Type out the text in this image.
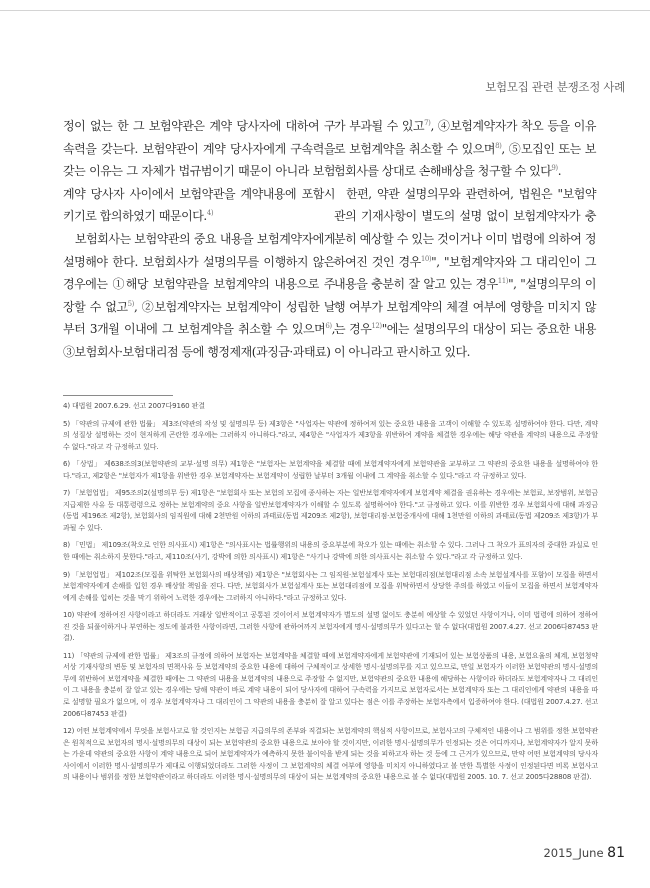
보험모집 관련 분쟁조정 사례

정이 없는 한 그 보험약관은 계약 당사자에 대하여 구속력을 갖는다. 보험약관이 계약 당사자에게 구속력을 갖는 이유는 그 자체가 법규범이기 때문이 아니라 보험계약 당사자 사이에서 보험약관을 계약내용에 포함시키기로 합의하였기 때문이다.$^{4)}$

보험회사는 보험약관의 중요 내용을 보험계약자에게 설명해야 한다. 보험회사가 설명의무를 이행하지 않은 경우에는 ①해당 보험약관을 보험계약의 내용으로 주장할 수 없고$^{5)}$, ②보험계약자는 보험계약이 성립한 날부터 3개월 이내에 그 보험계약을 취소할 수 있으며$^{6)}$, ③보험회사·보험대리점 등에 행정제재(과징금·과태료)

가 부과될 수 있고$^{7)}$, ④보험계약자가 착오 등을 이유로 보험계약을 취소할 수 있으며$^{8)}$, ⑤모집인 또는 보험회사를 상대로 손해배상을 청구할 수 있다$^{9)}$.

한편, 약관 설명의무와 관련하여, 법원은 "보험약관의 기재사항이 별도의 설명 없이 보험계약자가 충분히 예상할 수 있는 것이거나 이미 법령에 의하여 정하여진 것인 경우$^{10)}$", "보험계약자와 그 대리인이 그 내용을 충분히 잘 알고 있는 경우$^{11)}$", "설명의무의 이행 여부가 보험계약의 체결 여부에 영향을 미치지 않는 경우$^{12)}$"에는 설명의무의 대상이 되는 중요한 내용이 아니라고 판시하고 있다.

4) 대법원 2007.6.29. 선고 2007다9160 판결

5) 「약관의 규제에 관한 법률」 제3조(약관의 작성 및 설명의무 등) 제3항은 "사업자는 약관에 정하여져 있는 중요한 내용을 고객이 이해할 수 있도록 설명하여야 한다. 다만, 계약의 성질상 설명하는 것이 현저하게 곤란한 경우에는 그러하지 아니하다."라고, 제4항은 "사업자가 제3항을 위반하여 계약을 체결한 경우에는 해당 약관을 계약의 내용으로 주장할 수 없다."라고 각 규정하고 있다.

6) 「상법」 제638조의3(보험약관의 교부·설명 의무) 제1항은 "보험자는 보험계약을 체결할 때에 보험계약자에게 보험약관을 교부하고 그 약관의 중요한 내용을 설명하여야 한다."라고, 제2항은 "보험자가 제1항을 위반한 경우 보험계약자는 보험계약이 성립한 날부터 3개월 이내에 그 계약을 취소할 수 있다."라고 각 규정하고 있다.

7) 「보험업법」 제95조의2(설명의무 등) 제1항은 "보험회사 또는 보험의 모집에 종사하는 자는 일반보험계약자에게 보험계약 체결을 권유하는 경우에는 보험료, 보장범위, 보험금 지급제한 사유 등 대통령령으로 정하는 보험계약의 중요 사항을 일반보험계약자가 이해할 수 있도록 설명하여야 한다."고 규정하고 있다. 이를 위반한 경우 보험회사에 대해 과징금(동법 제196조 제2항), 보험회사의 임직원에 대해 2천만원 이하의 과태료(동법 제209조 제2항), 보험대리점·보험중개사에 대해 1천만원 이하의 과태료(동법 제209조 제3항)가 부과될 수 있다.

8) 「민법」 제109조(착오로 인한 의사표시) 제1항은 "의사표시는 법률행위의 내용의 중요부분에 착오가 있는 때에는 취소할 수 있다. 그러나 그 착오가 표의자의 중대한 과실로 인한 때에는 취소하지 못한다."라고, 제110조(사기, 강박에 의한 의사표시) 제1항은 "사기나 강박에 의한 의사표시는 취소할 수 있다."라고 각 규정하고 있다.

9) 「보험업법」 제102조(모집을 위탁한 보험회사의 배상책임) 제1항은 "보험회사는 그 임직원·보험설계사 또는 보험대리점(보험대리점 소속 보험설계사를 포함)이 모집을 하면서 보험계약자에게 손해를 입힌 경우 배상할 책임을 진다. 다만, 보험회사가 보험설계사 또는 보험대리점에 모집을 위탁하면서 상당한 주의를 하였고 이들이 모집을 하면서 보험계약자에게 손해를 입히는 것을 막기 위하여 노력한 경우에는 그러하지 아니하다."라고 규정하고 있다.

10) 약관에 정하여진 사항이라고 하더라도 거래상 일반적이고 공통된 것이어서 보험계약자가 별도의 설명 없이도 충분히 예상할 수 있었던 사항이거나, 이미 법령에 의하여 정하여진 것을 되풀이하거나 부연하는 정도에 불과한 사항이라면, 그러한 사항에 관하여까지 보험자에게 명시·설명의무가 있다고는 할 수 없다(대법원 2007.4.27. 선고 2006다87453 판결).

11) 「약관의 규제에 관한 법률」 제3조의 규정에 의하여 보험자는 보험계약을 체결할 때에 보험계약자에게 보험약관에 기재되어 있는 보험상품의 내용, 보험요율의 체계, 보험청약서상 기재사항의 변동 및 보험자의 면책사유 등 보험계약의 중요한 내용에 대하여 구체적이고 상세한 명시·설명의무를 지고 있으므로, 만일 보험자가 이러한 보험약관의 명시·설명의무에 위반하여 보험계약을 체결한 때에는 그 약관의 내용을 보험계약의 내용으로 주장할 수 없지만, 보험약관의 중요한 내용에 해당하는 사항이라 하더라도 보험계약자나 그 대리인이 그 내용을 충분히 잘 알고 있는 경우에는 당해 약관이 바로 계약 내용이 되어 당사자에 대하여 구속력을 가지므로 보험자로서는 보험계약자 또는 그 대리인에게 약관의 내용을 따로 설명할 필요가 없으며, 이 경우 보험계약자나 그 대리인이 그 약관의 내용을 충분히 잘 알고 있다는 점은 이를 주장하는 보험자측에서 입증하여야 한다. (대법원 2007.4.27. 선고 2006다87453 판결)

12) 어떤 보험계약에서 무엇을 보험사고로 할 것인지는 보험금 지급의무의 존부와 직결되는 보험계약의 핵심적 사항이므로, 보험사고의 구체적인 내용이나 그 범위를 정한 보험약관은 원칙적으로 보험자의 명시·설명의무의 대상이 되는 보험약관의 중요한 내용으로 보아야 할 것이지만, 이러한 명시·설명의무가 인정되는 것은 어디까지나, 보험계약자가 알지 못하는 가운데 약관의 중요한 사항이 계약 내용으로 되어 보험계약자가 예측하지 못한 불이익을 받게 되는 것을 피하고자 하는 것 등에 그 근거가 있으므로, 만약 어떤 보험계약의 당사자 사이에서 이러한 명시·설명의무가 제대로 이행되었더라도 그러한 사정이 그 보험계약의 체결 여부에 영향을 미치지 아니하였다고 볼 만한 특별한 사정이 인정된다면 비록 보험사고의 내용이나 범위를 정한 보험약관이라고 하더라도 이러한 명시·설명의무의 대상이 되는 보험계약의 중요한 내용으로 볼 수 없다(대법원 2005. 10. 7. 선고 2005다28808 판결).

2015_June 81
